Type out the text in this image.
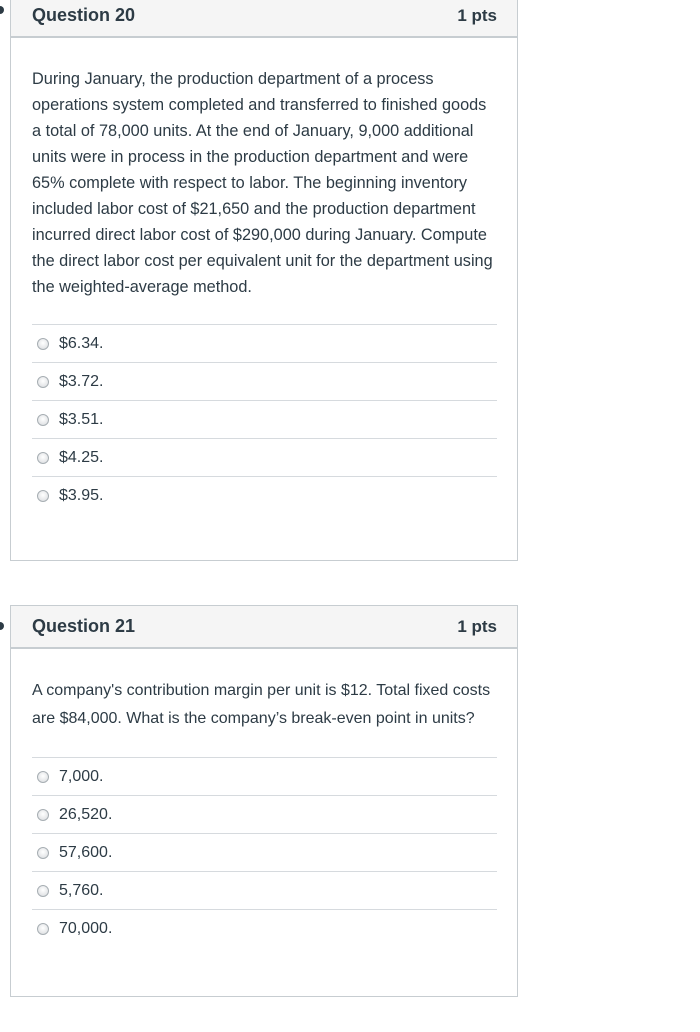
Question 20	1 pts

During January, the production department of a process operations system completed and transferred to finished goods a total of 78,000 units. At the end of January, 9,000 additional units were in process in the production department and were 65% complete with respect to labor. The beginning inventory included labor cost of $21,650 and the production department incurred direct labor cost of $290,000 during January. Compute the direct labor cost per equivalent unit for the department using the weighted-average method.

$6.34.
$3.72.
$3.51.
$4.25.
$3.95.
Question 21	1 pts

A company's contribution margin per unit is $12. Total fixed costs are $84,000. What is the company’s break-even point in units?

7,000.
26,520.
57,600.
5,760.
70,000.
